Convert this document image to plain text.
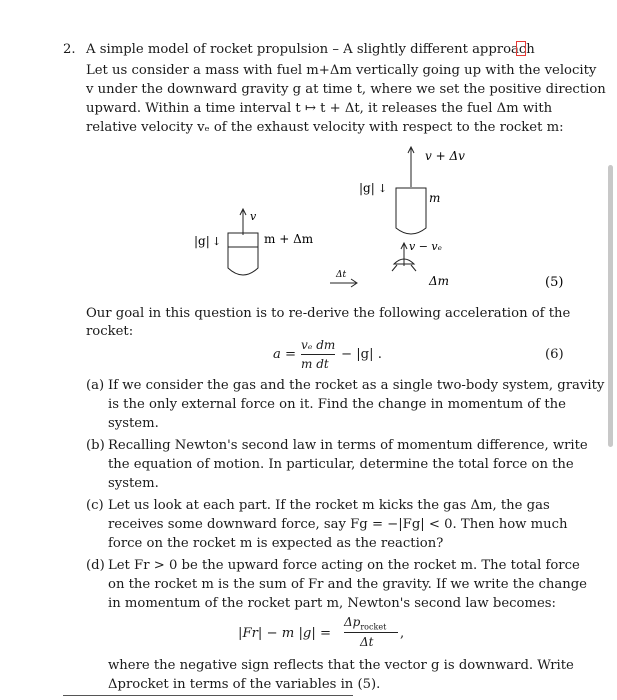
2. A simple model of rocket propulsion – A slightly different approach
Let us consider a mass with fuel m+Δm vertically going up with the velocity
v under the downward gravity g at time t, where we set the positive direction
upward. Within a time interval t ↦ t + Δt, it releases the fuel Δm with
relative velocity vₑ of the exhaust velocity with respect to the rocket m:
v + Δv
|g| ↓
m
v
|g| ↓	m + Δm
v − vₑ
Δt	Δm	(5)
Our goal in this question is to re-derive the following acceleration of the
rocket:
a =
vₑ dm
m dt
− |g| .	(6)
(a) If we consider the gas and the rocket as a single two-body system, gravity
is the only external force on it. Find the change in momentum of the
system.
(b) Recalling Newton's second law in terms of momentum difference, write
the equation of motion. In particular, determine the total force on the
system.
(c) Let us look at each part. If the rocket m kicks the gas Δm, the gas
receives some downward force, say Fg = −|Fg| < 0. Then how much
force on the rocket m is expected as the reaction?
(d) Let Fr > 0 be the upward force acting on the rocket m. The total force
on the rocket m is the sum of Fr and the gravity. If we write the change
in momentum of the rocket part m, Newton's second law becomes:
|Fr| − m |g| =
$\Delta p_{rocket}$
Δt
,
where the negative sign reflects that the vector g is downward. Write
Δprocket in terms of the variables in (5).
